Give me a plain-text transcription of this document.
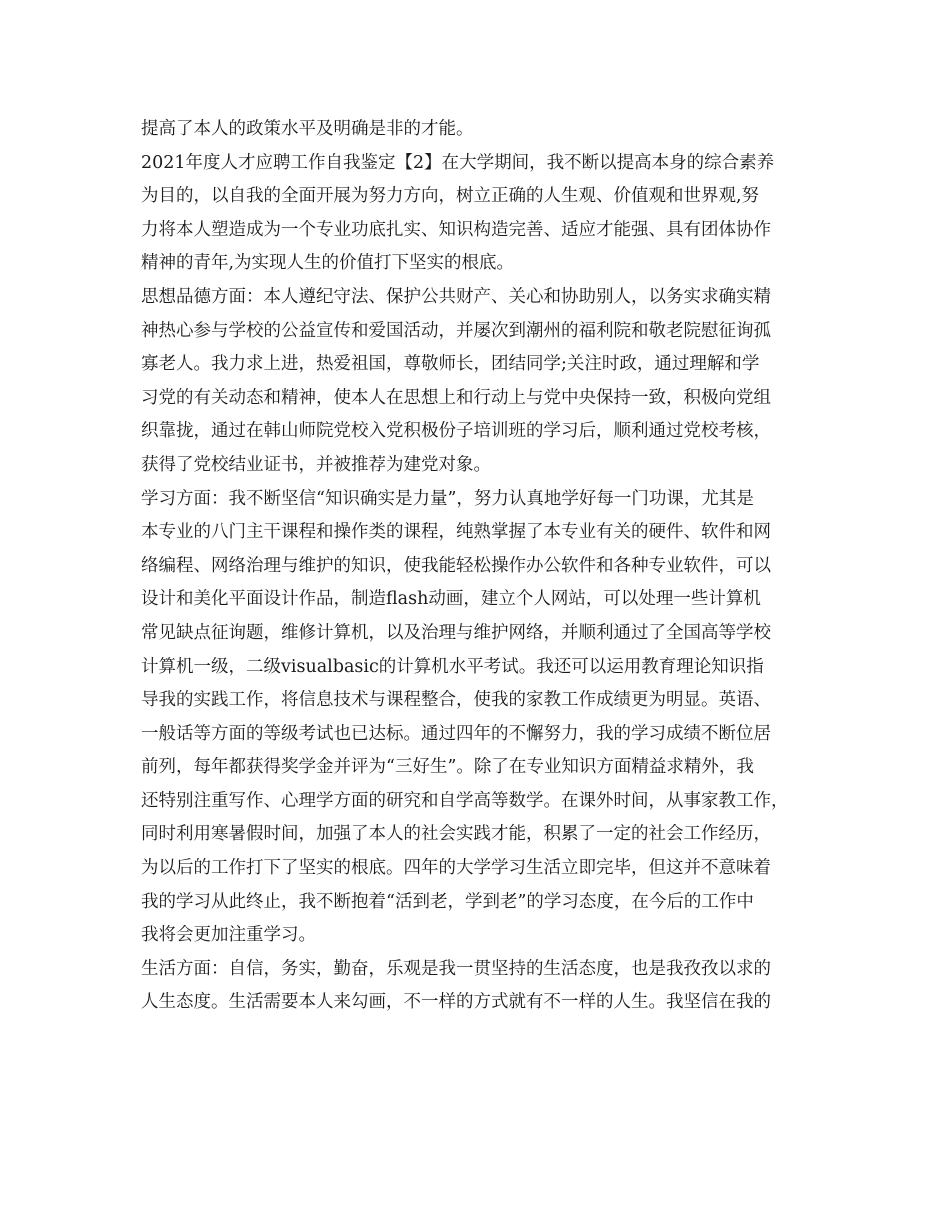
提高了本人的政策水平及明确是非的才能。
2021年度人才应聘工作自我鉴定【2】在大学期间，我不断以提高本身的综合素养
为目的，以自我的全面开展为努力方向，树立正确的人生观、价值观和世界观,努
力将本人塑造成为一个专业功底扎实、知识构造完善、适应才能强、具有团体协作
精神的青年,为实现人生的价值打下坚实的根底。
思想品德方面：本人遵纪守法、保护公共财产、关心和协助别人，以务实求确实精
神热心参与学校的公益宣传和爱国活动，并屡次到潮州的福利院和敬老院慰征询孤
寡老人。我力求上进，热爱祖国，尊敬师长，团结同学;关注时政，通过理解和学
习党的有关动态和精神，使本人在思想上和行动上与党中央保持一致，积极向党组
织靠拢，通过在韩山师院党校入党积极份子培训班的学习后，顺利通过党校考核，
获得了党校结业证书，并被推荐为建党对象。
学习方面：我不断坚信“知识确实是力量”，努力认真地学好每一门功课，尤其是
本专业的八门主干课程和操作类的课程，纯熟掌握了本专业有关的硬件、软件和网
络编程、网络治理与维护的知识，使我能轻松操作办公软件和各种专业软件，可以
设计和美化平面设计作品，制造flash动画，建立个人网站，可以处理一些计算机
常见缺点征询题，维修计算机，以及治理与维护网络，并顺利通过了全国高等学校
计算机一级，二级visualbasic的计算机水平考试。我还可以运用教育理论知识指
导我的实践工作，将信息技术与课程整合，使我的家教工作成绩更为明显。英语、
一般话等方面的等级考试也已达标。通过四年的不懈努力，我的学习成绩不断位居
前列，每年都获得奖学金并评为“三好生”。除了在专业知识方面精益求精外，我
还特别注重写作、心理学方面的研究和自学高等数学。在课外时间，从事家教工作，
同时利用寒暑假时间，加强了本人的社会实践才能，积累了一定的社会工作经历，
为以后的工作打下了坚实的根底。四年的大学学习生活立即完毕，但这并不意味着
我的学习从此终止，我不断抱着“活到老，学到老”的学习态度，在今后的工作中
我将会更加注重学习。
生活方面：自信，务实，勤奋，乐观是我一贯坚持的生活态度，也是我孜孜以求的
人生态度。生活需要本人来勾画，不一样的方式就有不一样的人生。我坚信在我的
